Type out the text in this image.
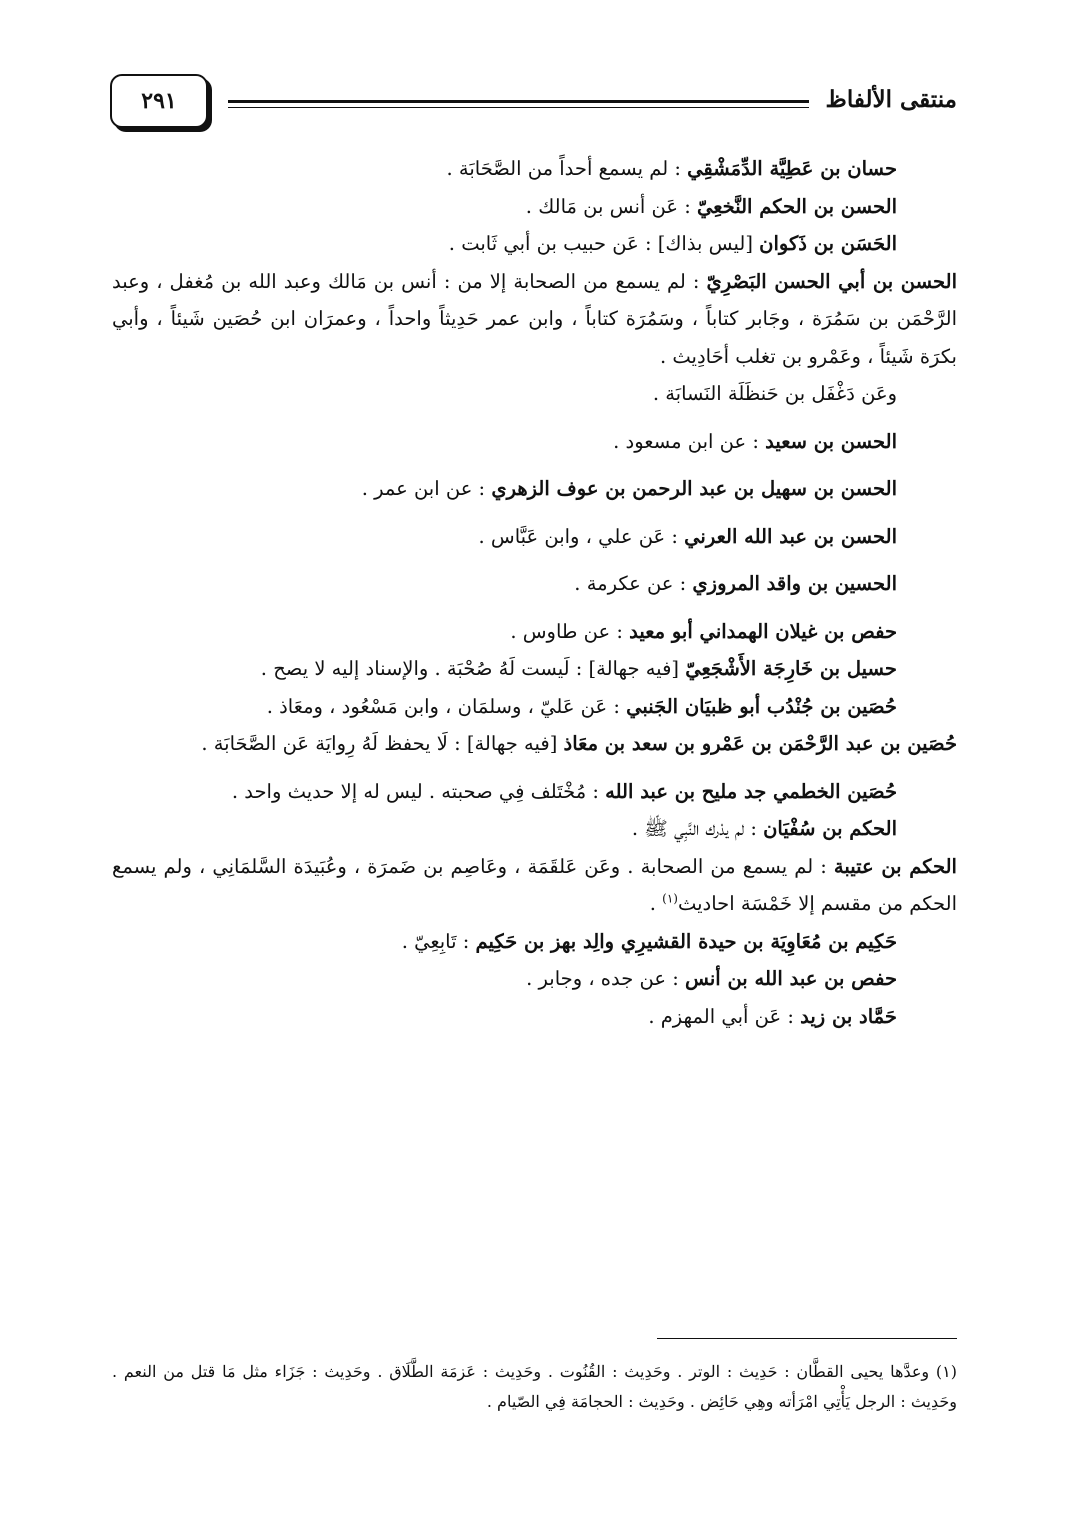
منتقى الألفاظ
٢٩١

حسان بن عَطِيَّة الدِّمَشْقِي : لم يسمع أحداً من الصَّحَابَة .

الحسن بن الحكم النَّخعِيّ : عَن أنس بن مَالك .

الحَسَن بن ذَكوان [ليس بذاك] : عَن حبيب بن أبي ثَابت .

الحسن بن أبي الحسن البَصْرِيّ : لم يسمع من الصحابة إلا من : أنس بن مَالك وعبد الله بن مُغفل ، وعبد الرَّحْمَن بن سَمُرَة ، وجَابر كتاباً ، وسَمُرَة كتاباً ، وابن عمر حَدِيثاً واحداً ، وعمرَان ابن حُصَين شَيئاً ، وأبي بكرَة شَيئاً ، وعَمْرو بن تغلب أحَادِيث .

وعَن دَغْفَل بن حَنظَلَة النَسابَة .

الحسن بن سعيد : عن ابن مسعود .

الحسن بن سهيل بن عبد الرحمن بن عوف الزهري : عن ابن عمر .

الحسن بن عبد الله العرني : عَن علي ، وابن عَبَّاس .

الحسين بن واقد المروزي : عن عكرمة .

حفص بن غيلان الهمداني أبو معيد : عن طاوس .

حسيل بن خَارِجَة الأَشْجَعِيّ [فيه جهالة] : لَيست لَهُ صُحْبَة . والإسناد إليه لا يصح .

حُصَين بن جُنْدُب أبو ظبيَان الجَنبي : عَن عَليّ ، وسلمَان ، وابن مَسْعُود ، ومعَاذ .

حُصَين بن عبد الرَّحْمَن بن عَمْرو بن سعد بن معَاذ [فيه جهالة] : لَا يحفظ لَهُ رِوايَة عَن الصَّحَابَة .

حُصَين الخطمي جد مليح بن عبد الله : مُخْتَلف فِي صحبته . ليس له إلا حديث واحد .

الحكم بن سُفْيَان : لم يدْرك النَّبِي ﷺ .

الحكم بن عتيبة : لم يسمع من الصحابة . وعَن عَلقَمَة ، وعَاصِم بن ضَمرَة ، وعُبَيدَة السَّلمَانِي ، ولم يسمع الحكم من مقسم إلا خَمْسَة احاديث$^{(١)}$ .

حَكِيم بن مُعَاوِيَة بن حيدة القشيرِي والِد بهز بن حَكِيم : تَابِعِيّ .

حفص بن عبد الله بن أنس : عن جده ، وجابر .

حَمَّاد بن زيد : عَن أبي المهزم .

(١) وعدَّها يحيى القطَّان : حَدِيث : الوتر . وحَدِيث : القُنُوت . وحَدِيث : عَزمَة الطَّلَاق . وحَدِيث : جَزَاء مثل مَا قتل من النعم . وحَدِيث : الرجل يَأْتِي امْرَأته وهِي حَائِض . وحَدِيث : الحجامَة فِي الصّيام .
